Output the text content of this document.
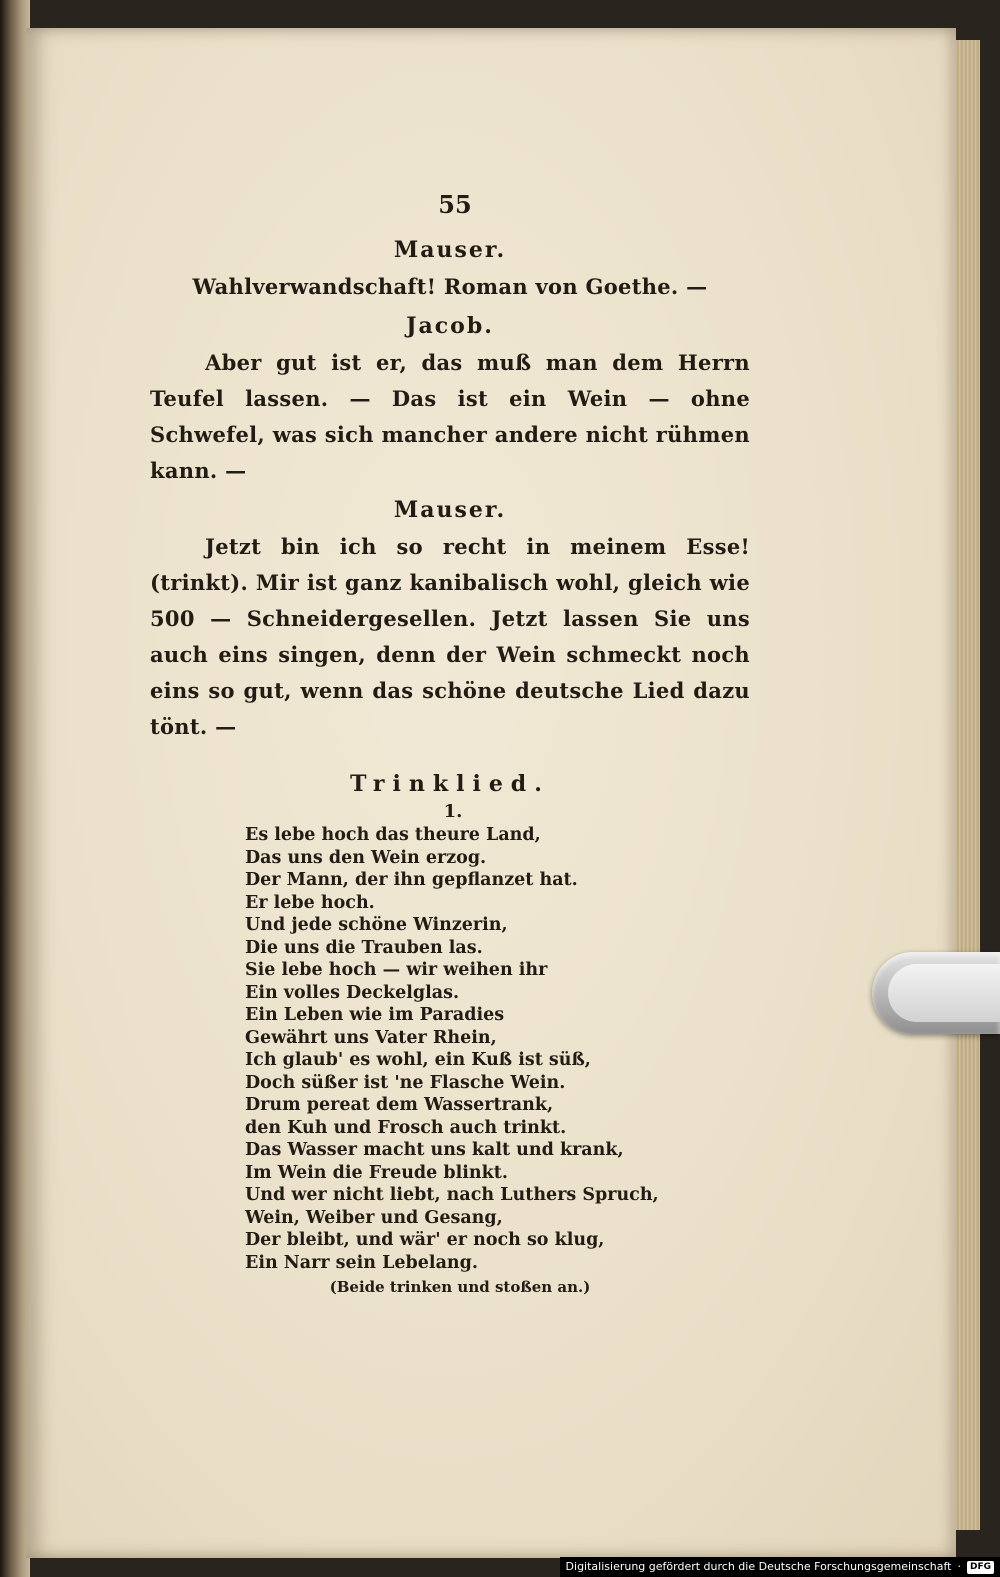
55
Mauser.

Wahlverwandschaft! Roman von Goethe. —

Jacob.

Aber gut ist er, das muß man dem Herrn Teufel lassen. — Das ist ein Wein — ohne Schwefel, was sich mancher andere nicht rühmen kann. —

Mauser.

Jetzt bin ich so recht in meinem Esse! (trinkt). Mir ist ganz kanibalisch wohl, gleich wie 500 — Schneidergesellen. Jetzt lassen Sie uns auch eins singen, denn der Wein schmeckt noch eins so gut, wenn das schöne deutsche Lied dazu tönt. —

Trinklied.
1.
Es lebe hoch das theure Land,
Das uns den Wein erzog.
Der Mann, der ihn gepflanzet hat.
Er lebe hoch.
Und jede schöne Winzerin,
Die uns die Trauben las.
Sie lebe hoch — wir weihen ihr
Ein volles Deckelglas.
Ein Leben wie im Paradies
Gewährt uns Vater Rhein,
Ich glaub' es wohl, ein Kuß ist süß,
Doch süßer ist 'ne Flasche Wein.
Drum pereat dem Wassertrank,
den Kuh und Frosch auch trinkt.
Das Wasser macht uns kalt und krank,
Im Wein die Freude blinkt.
Und wer nicht liebt, nach Luthers Spruch,
Wein, Weiber und Gesang,
Der bleibt, und wär' er noch so klug,
Ein Narr sein Lebelang.
(Beide trinken und stoßen an.)
Digitalisierung gefördert durch die Deutsche Forschungsgemeinschaft ·	DFG
